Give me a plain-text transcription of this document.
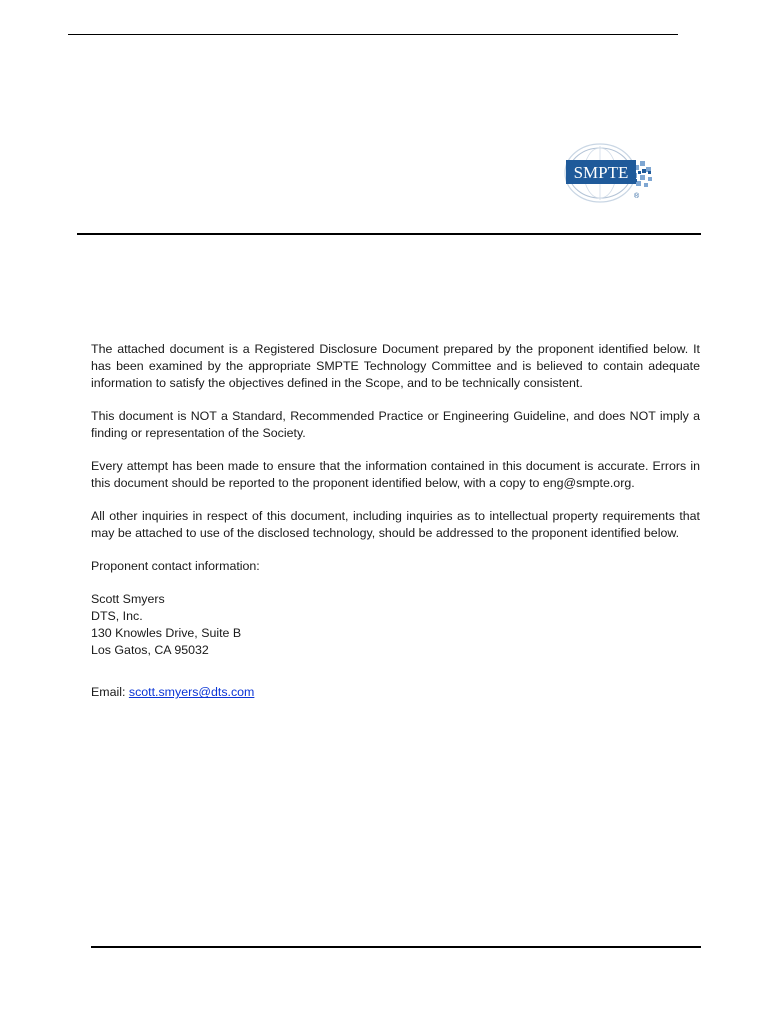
SMPTE
®

The attached document is a Registered Disclosure Document prepared by the proponent identified below. It has been examined by the appropriate SMPTE Technology Committee and is believed to contain adequate information to satisfy the objectives defined in the Scope, and to be technically consistent.

This document is NOT a Standard, Recommended Practice or Engineering Guideline, and does NOT imply a finding or representation of the Society.

Every attempt has been made to ensure that the information contained in this document is accurate. Errors in this document should be reported to the proponent identified below, with a copy to eng@smpte.org.

All other inquiries in respect of this document, including inquiries as to intellectual property requirements that may be attached to use of the disclosed technology, should be addressed to the proponent identified below.

Proponent contact information:

Scott Smyers
DTS, Inc.
130 Knowles Drive, Suite B
Los Gatos, CA 95032
Email: scott.smyers@dts.com
